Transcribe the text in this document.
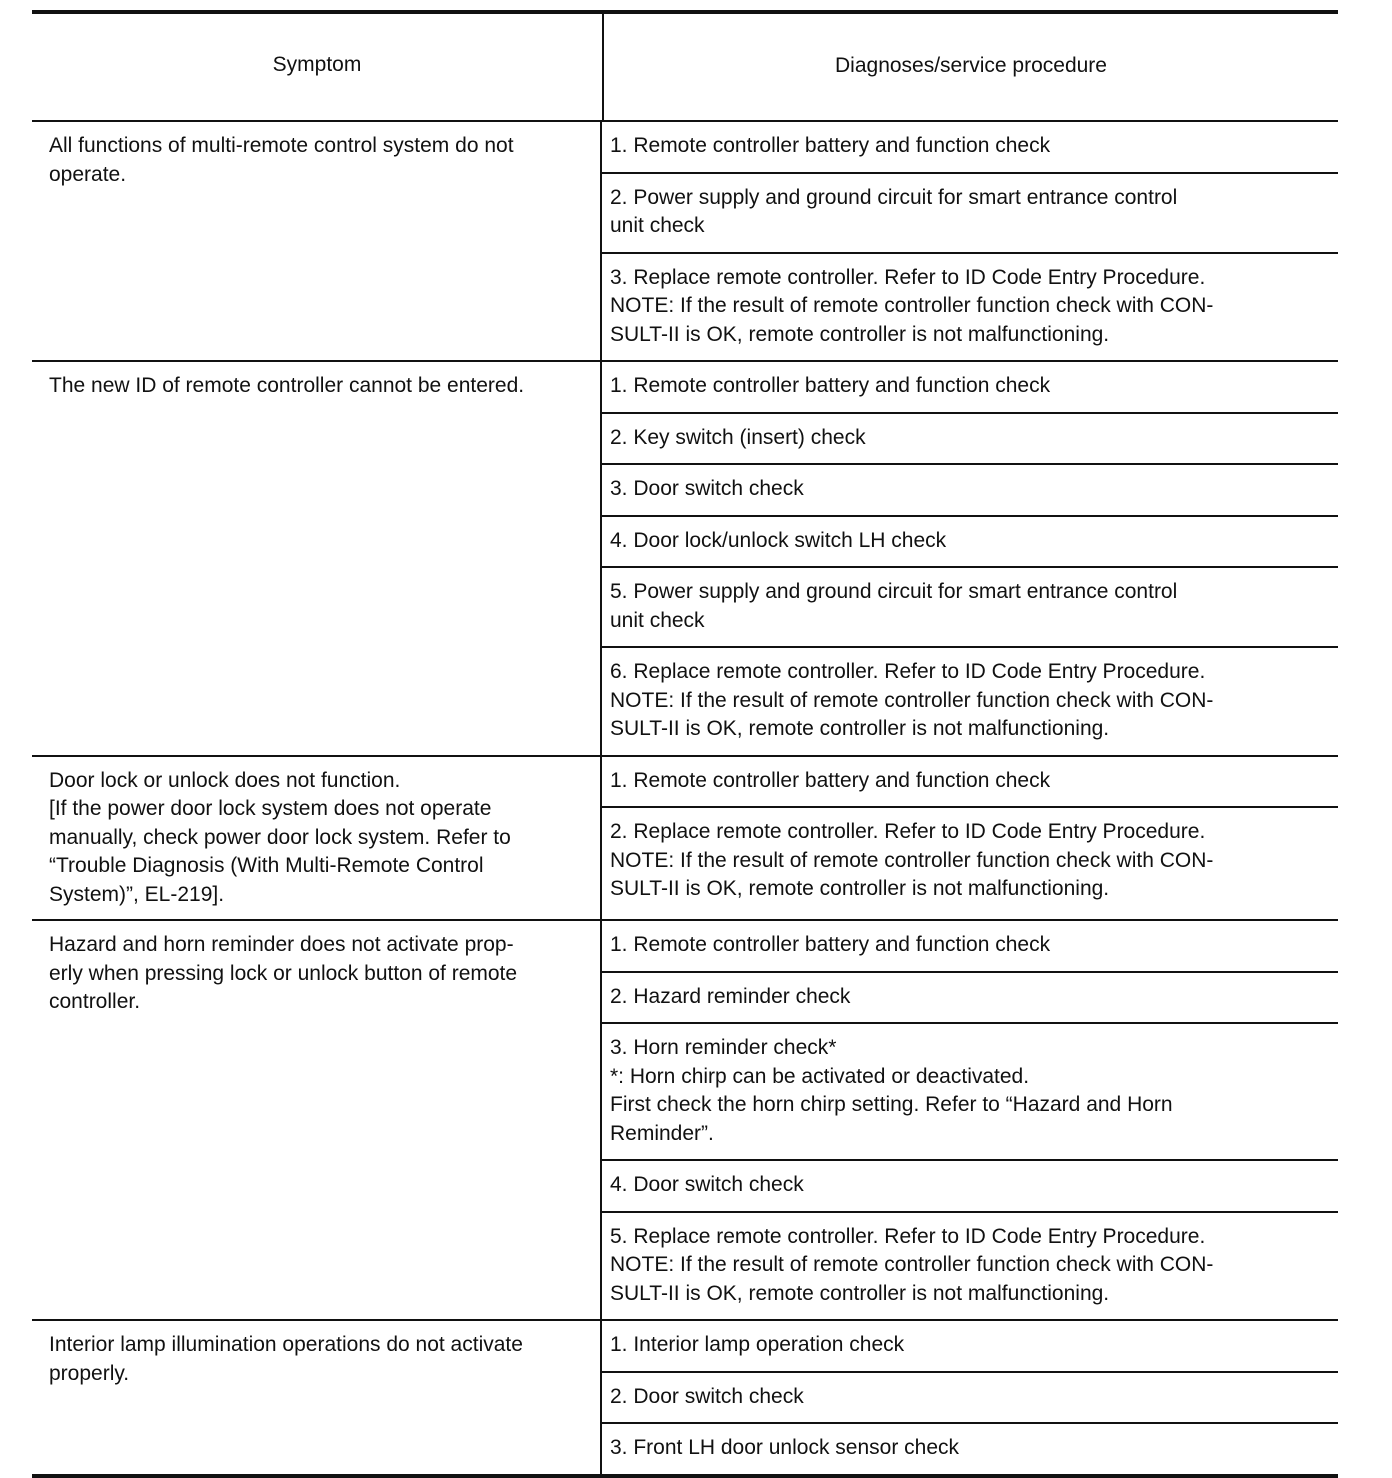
Symptom	Diagnoses/service procedure
All functions of multi-remote control system do not
operate.
1. Remote controller battery and function check
2. Power supply and ground circuit for smart entrance control
unit check
3. Replace remote controller. Refer to ID Code Entry Procedure.
NOTE: If the result of remote controller function check with CON-
SULT-II is OK, remote controller is not malfunctioning.
The new ID of remote controller cannot be entered.	1. Remote controller battery and function check
2. Key switch (insert) check
3. Door switch check
4. Door lock/unlock switch LH check
5. Power supply and ground circuit for smart entrance control
unit check
6. Replace remote controller. Refer to ID Code Entry Procedure.
NOTE: If the result of remote controller function check with CON-
SULT-II is OK, remote controller is not malfunctioning.
Door lock or unlock does not function.
[If the power door lock system does not operate
manually, check power door lock system. Refer to
“Trouble Diagnosis (With Multi-Remote Control
System)”, EL-219].
1. Remote controller battery and function check
2. Replace remote controller. Refer to ID Code Entry Procedure.
NOTE: If the result of remote controller function check with CON-
SULT-II is OK, remote controller is not malfunctioning.
Hazard and horn reminder does not activate prop-
erly when pressing lock or unlock button of remote
controller.
1. Remote controller battery and function check
2. Hazard reminder check
3. Horn reminder check*
*: Horn chirp can be activated or deactivated.
First check the horn chirp setting. Refer to “Hazard and Horn
Reminder”.
4. Door switch check
5. Replace remote controller. Refer to ID Code Entry Procedure.
NOTE: If the result of remote controller function check with CON-
SULT-II is OK, remote controller is not malfunctioning.
Interior lamp illumination operations do not activate
properly.
1. Interior lamp operation check
2. Door switch check
3. Front LH door unlock sensor check
